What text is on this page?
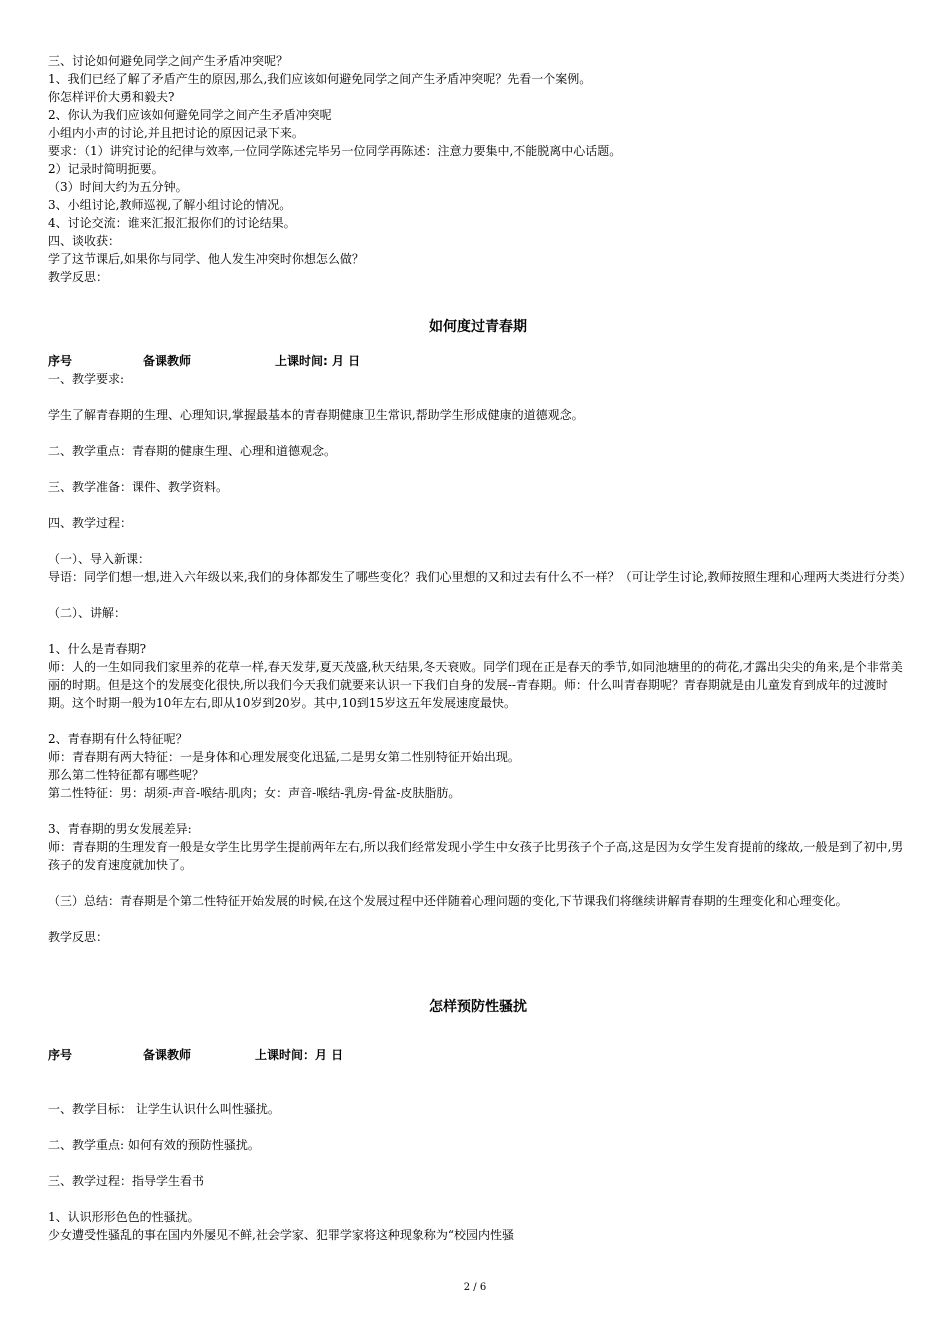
三、讨论如何避免同学之间产生矛盾冲突呢？

1、我们已经了解了矛盾产生的原因,那么,我们应该如何避免同学之间产生矛盾冲突呢？先看一个案例。

你怎样评价大勇和毅夫?

2、你认为我们应该如何避免同学之间产生矛盾冲突呢

小组内小声的讨论,并且把讨论的原因记录下来。

要求：（1）讲究讨论的纪律与效率,一位同学陈述完毕另一位同学再陈述：注意力要集中,不能脱离中心话题。

2）记录时简明扼要。

（3）时间大约为五分钟。

3、小组讨论,教师巡视,了解小组讨论的情况。

4、讨论交流：谁来汇报汇报你们的讨论结果。

四、谈收获：

学了这节课后,如果你与同学、他人发生冲突时你想怎么做？

教学反思：

如何度过青春期

序号	备课教师	上课时间: 月 日

一、教学要求:

学生了解青春期的生理、心理知识,掌握最基本的青春期健康卫生常识,帮助学生形成健康的道德观念。

二、教学重点：青春期的健康生理、心理和道德观念。

三、教学准备：课件、教学资料。

四、教学过程：

（一）、导入新课：

导语：同学们想一想,进入六年级以来,我们的身体都发生了哪些变化？我们心里想的又和过去有什么不一样？（可让学生讨论,教师按照生理和心理两大类进行分类）

（二）、讲解：

1、什么是青春期?

师：人的一生如同我们家里养的花草一样,春天发芽,夏天茂盛,秋天结果,冬天衰败。同学们现在正是春天的季节,如同池塘里的的荷花,才露出尖尖的角来,是个非常美丽的时期。但是这个的发展变化很快,所以我们今天我们就要来认识一下我们自身的发展--青春期。师：什么叫青春期呢？青春期就是由儿童发育到成年的过渡时期。这个时期一般为10年左右,即从10岁到20岁。其中,10到15岁这五年发展速度最快。

2、青春期有什么特征呢？

师：青春期有两大特征：一是身体和心理发展变化迅猛,二是男女第二性别特征开始出现。

那么第二性特征都有哪些呢？

第二性特征：男：胡须-声音-喉结-肌肉；女：声音-喉结-乳房-骨盆-皮肤脂肪。

3、青春期的男女发展差异:

师：青春期的生理发育一般是女学生比男学生提前两年左右,所以我们经常发现小学生中女孩子比男孩子个子高,这是因为女学生发育提前的缘故,一般是到了初中,男孩子的发育速度就加快了。

（三）总结：青春期是个第二性特征开始发展的时候,在这个发展过程中还伴随着心理问题的变化,下节课我们将继续讲解青春期的生理变化和心理变化。

教学反思：

怎样预防性骚扰

序号	备课教师	上课时间：月 日

一、教学目标： 让学生认识什么叫性骚扰。

二、教学重点: 如何有效的预防性骚扰。

三、教学过程：指导学生看书

1、认识形形色色的性骚扰。

少女遭受性骚乱的事在国内外屡见不鲜,社会学家、犯罪学家将这种现象称为“校园内性骚

2 / 6
